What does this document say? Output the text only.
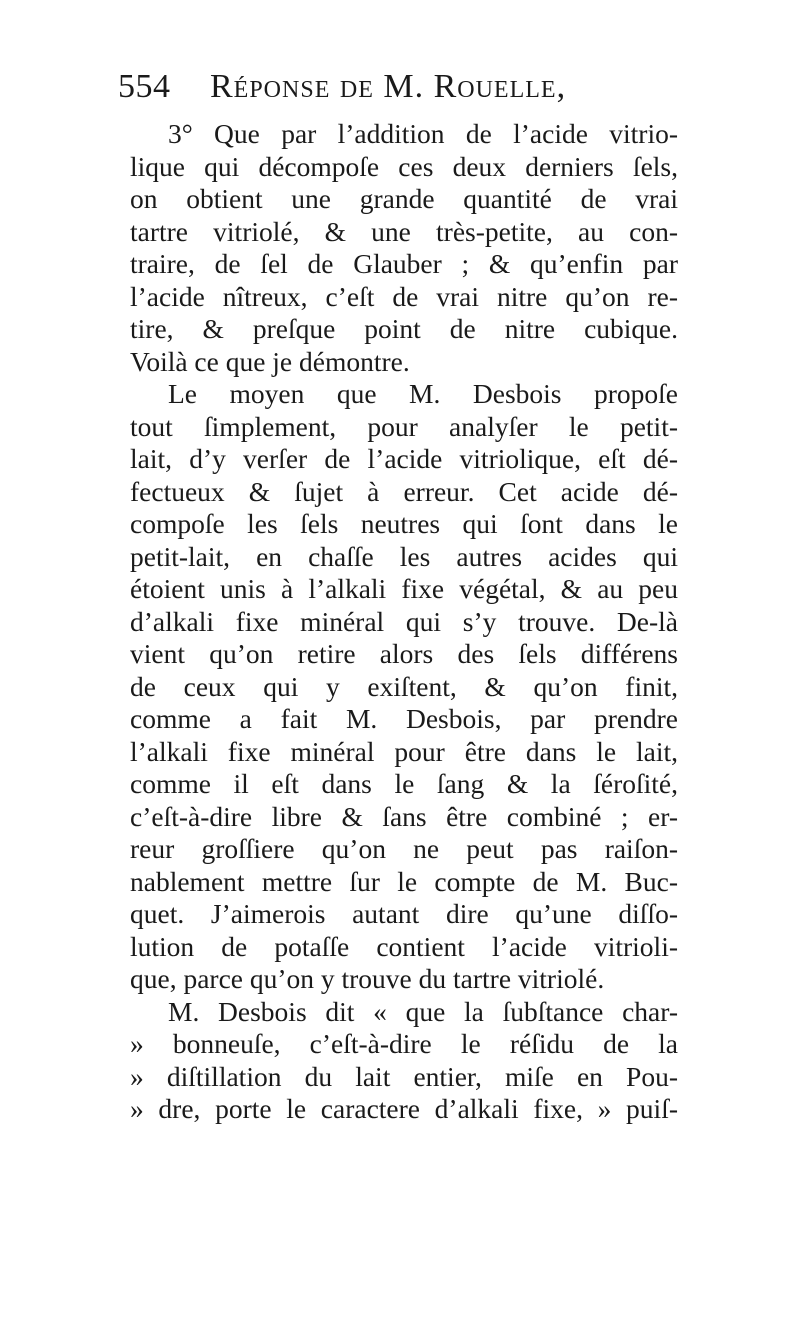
554 Réponse de M. Rouelle,
3° Que par l’addition de l’acide vitrio-
lique qui décompoſe ces deux derniers ſels,
on obtient une grande quantité de vrai
tartre vitriolé, & une très-petite, au con-
traire, de ſel de Glauber ; & qu’enfin par
l’acide nîtreux, c’eſt de vrai nitre qu’on re-
tire, & preſque point de nitre cubique.
Voilà ce que je démontre.
Le moyen que M. Desbois propoſe
tout ſimplement, pour analyſer le petit-
lait, d’y verſer de l’acide vitriolique, eſt dé-
fectueux & ſujet à erreur. Cet acide dé-
compoſe les ſels neutres qui ſont dans le
petit-lait, en chaſſe les autres acides qui
étoient unis à l’alkali fixe végétal, & au peu
d’alkali fixe minéral qui s’y trouve. De-là
vient qu’on retire alors des ſels différens
de ceux qui y exiſtent, & qu’on finit,
comme a fait M. Desbois, par prendre
l’alkali fixe minéral pour être dans le lait,
comme il eſt dans le ſang & la ſéroſité,
c’eſt-à-dire libre & ſans être combiné ; er-
reur groſſiere qu’on ne peut pas raiſon-
nablement mettre ſur le compte de M. Buc-
quet. J’aimerois autant dire qu’une diſſo-
lution de potaſſe contient l’acide vitrioli-
que, parce qu’on y trouve du tartre vitriolé.
M. Desbois dit « que la ſubſtance char-
» bonneuſe, c’eſt-à-dire le réſidu de la
» diſtillation du lait entier, miſe en Pou-
» dre, porte le caractere d’alkali fixe, » puiſ-
